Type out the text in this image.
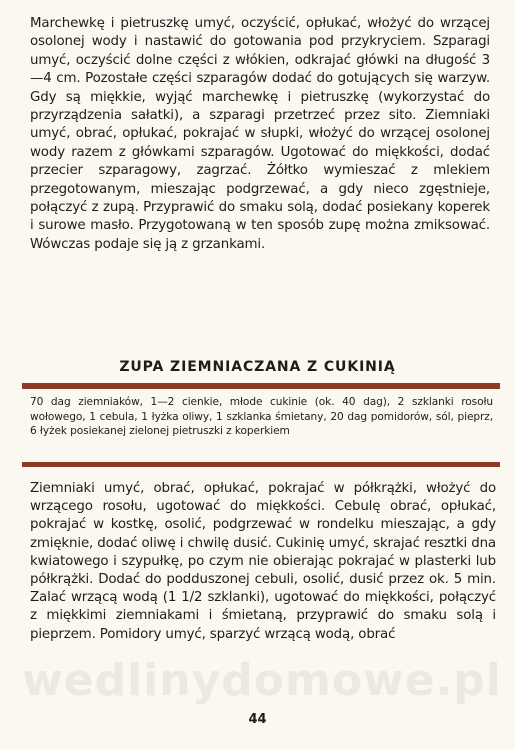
Marchewkę i pietruszkę umyć, oczyścić, opłukać, włożyć do wrzącej osolonej wody i nastawić do gotowania pod przykryciem. Szparagi umyć, oczyścić dolne części z włókien, odkrajać główki na długość 3—4 cm. Pozostałe części szparagów dodać do gotujących się warzyw. Gdy są miękkie, wyjąć marchewkę i pietruszkę (wykorzystać do przyrządzenia sałatki), a szparagi przetrzeć przez sito. Ziemniaki umyć, obrać, opłukać, pokrajać w słupki, włożyć do wrzącej osolonej wody razem z główkami szparagów. Ugotować do miękkości, dodać przecier szparagowy, zagrzać. Żółtko wymieszać z mlekiem przegotowanym, mieszając podgrzewać, a gdy nieco zgęstnieje, połączyć z zupą. Przyprawić do smaku solą, dodać posiekany koperek i surowe masło. Przygotowaną w ten sposób zupę można zmiksować. Wówczas podaje się ją z grzankami.

ZUPA ZIEMNIACZANA Z CUKINIĄ

70 dag ziemniaków, 1—2 cienkie, młode cukinie (ok. 40 dag), 2 szklanki rosołu wołowego, 1 cebula, 1 łyżka oliwy, 1 szklanka śmietany, 20 dag pomidorów, sól, pieprz, 6 łyżek posiekanej zielonej pietruszki z koperkiem

Ziemniaki umyć, obrać, opłukać, pokrajać w półkrążki, włożyć do wrzącego rosołu, ugotować do miękkości. Cebulę obrać, opłukać, pokrajać w kostkę, osolić, podgrzewać w rondelku mieszając, a gdy zmięknie, dodać oliwę i chwilę dusić. Cukinię umyć, skrajać resztki dna kwiatowego i szypułkę, po czym nie obierając pokrajać w plasterki lub półkrążki. Dodać do podduszonej cebuli, osolić, dusić przez ok. 5 min. Zalać wrzącą wodą (1 1/2 szklanki), ugotować do miękkości, połączyć z miękkimi ziemniakami i śmietaną, przyprawić do smaku solą i pieprzem. Pomidory umyć, sparzyć wrzącą wodą, obrać

wedlinydomowe.pl
44
